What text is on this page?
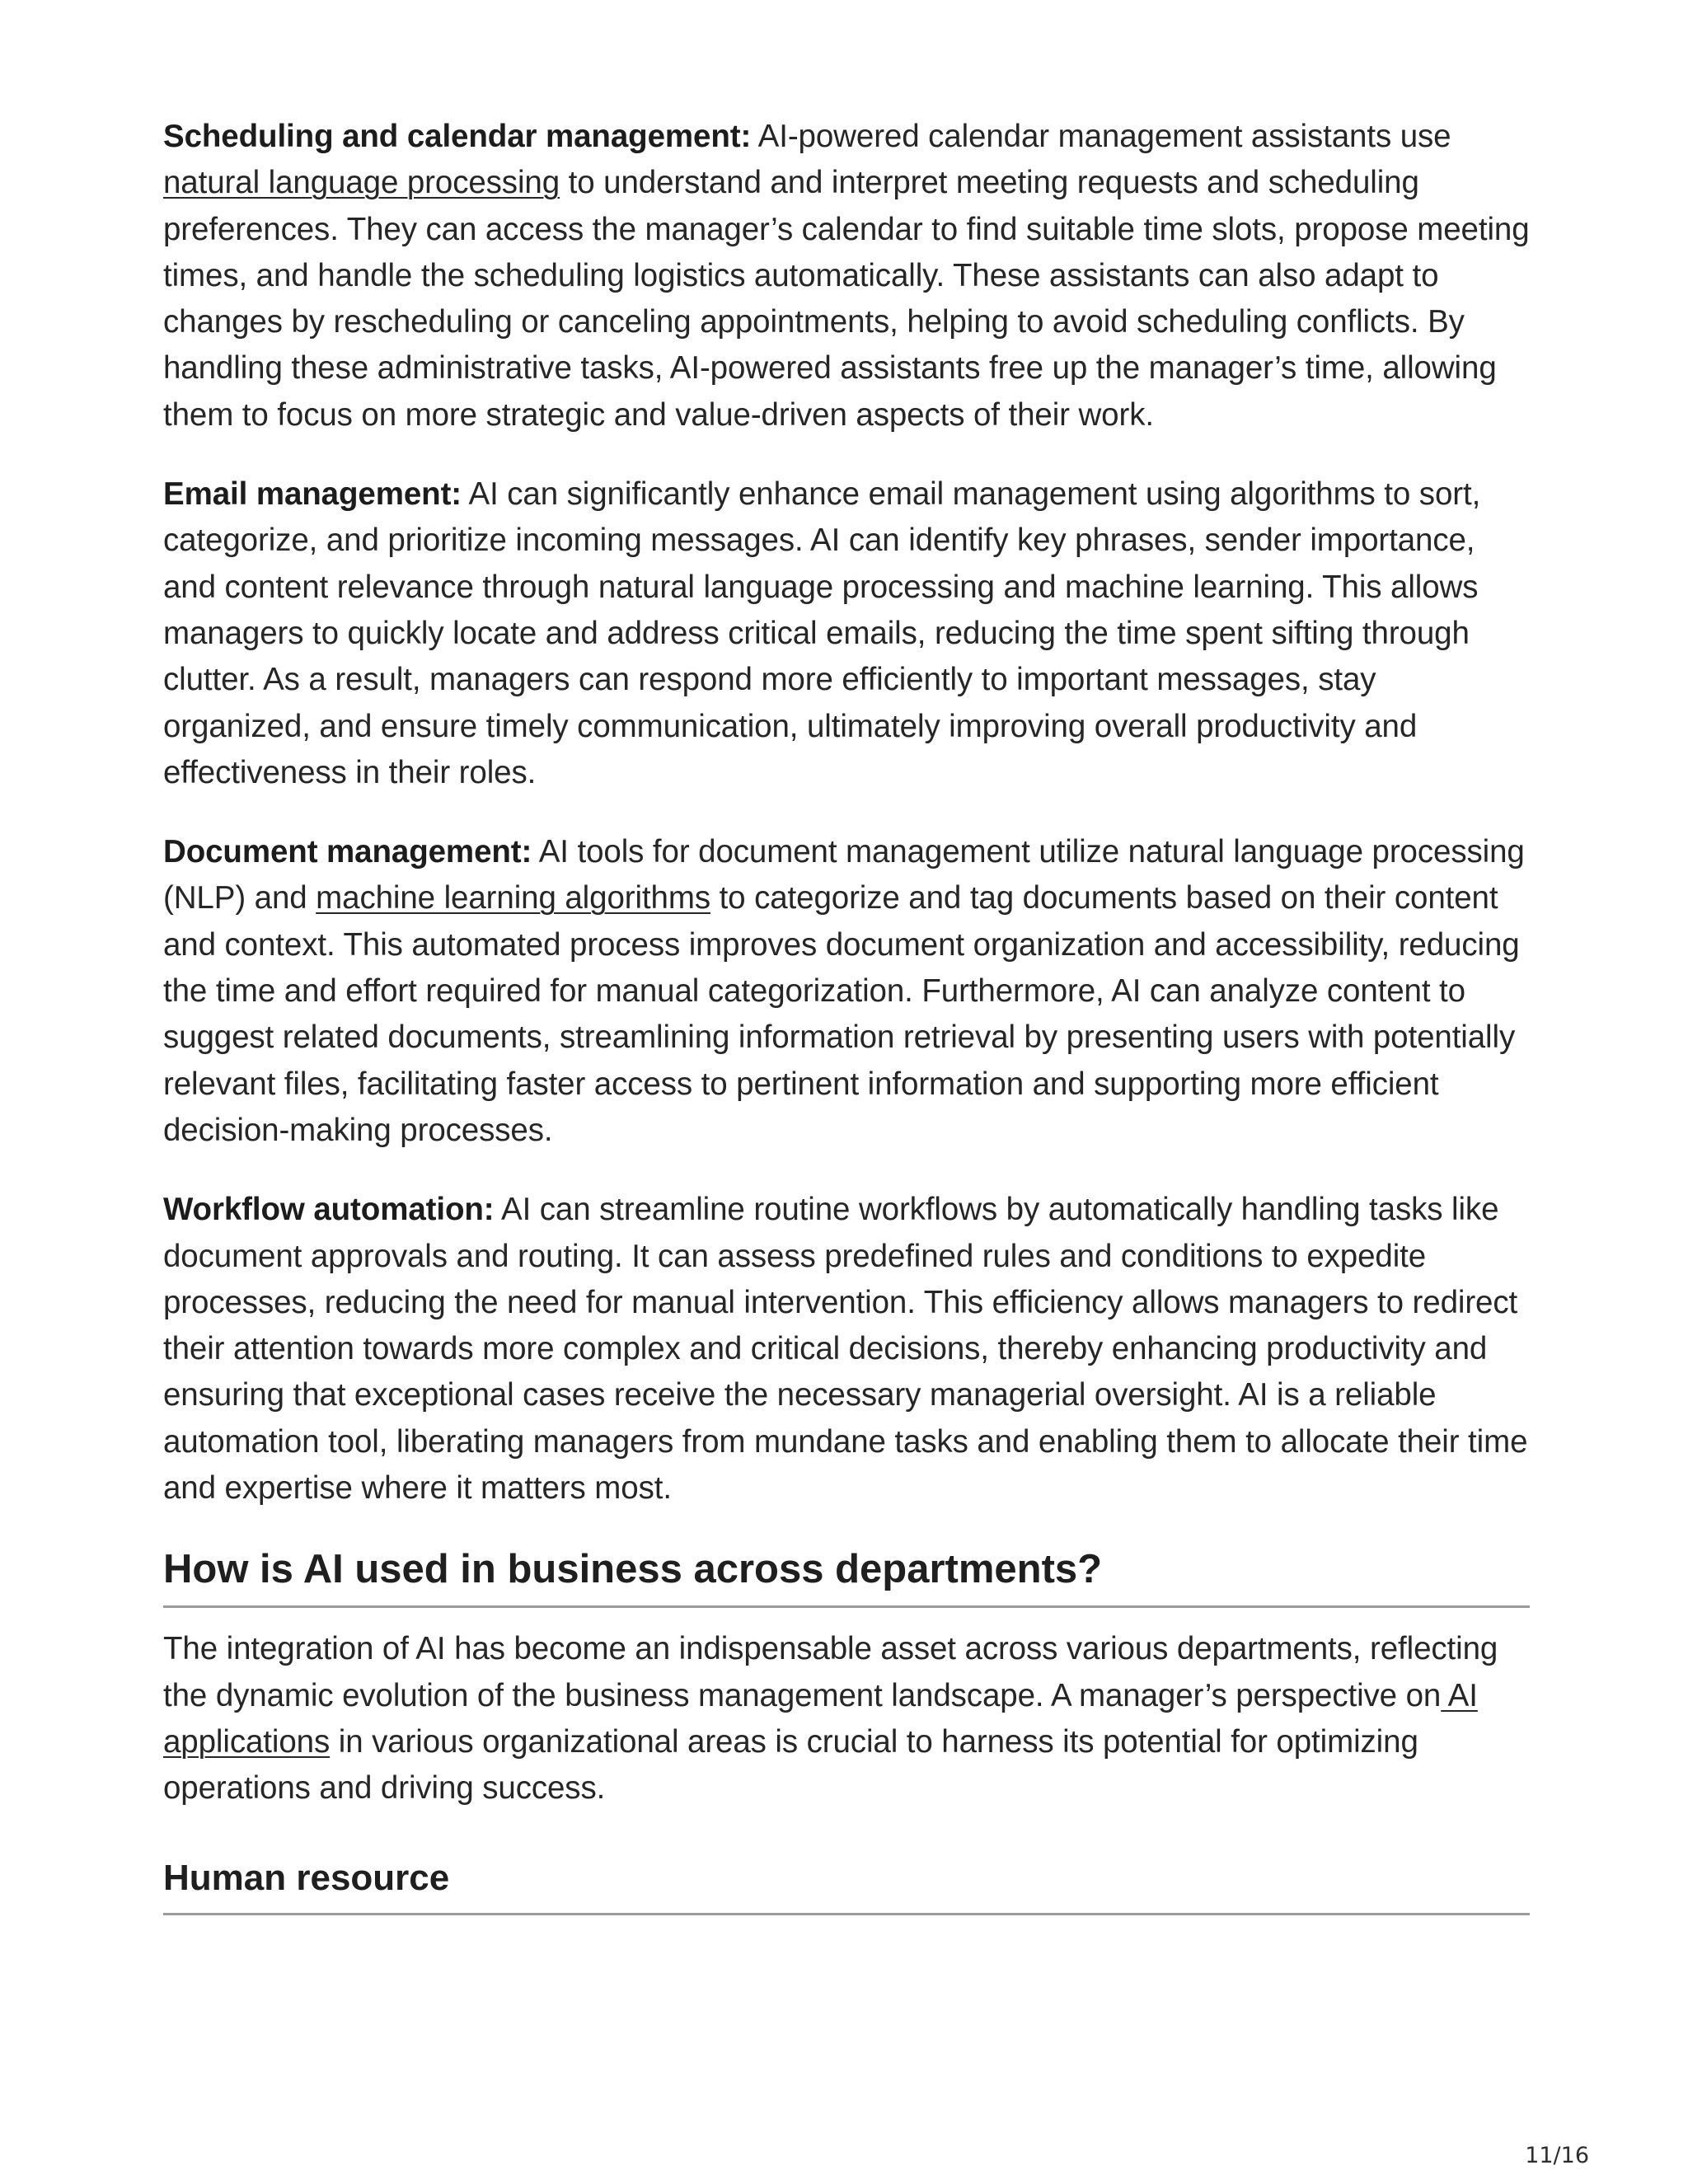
Scheduling and calendar management: AI-powered calendar management assistants use natural language processing to understand and interpret meeting requests and scheduling preferences. They can access the manager’s calendar to find suitable time slots, propose meeting times, and handle the scheduling logistics automatically. These assistants can also adapt to changes by rescheduling or canceling appointments, helping to avoid scheduling conflicts. By handling these administrative tasks, AI-powered assistants free up the manager’s time, allowing them to focus on more strategic and value-driven aspects of their work.

Email management: AI can significantly enhance email management using algorithms to sort, categorize, and prioritize incoming messages. AI can identify key phrases, sender importance, and content relevance through natural language processing and machine learning. This allows managers to quickly locate and address critical emails, reducing the time spent sifting through clutter. As a result, managers can respond more efficiently to important messages, stay organized, and ensure timely communication, ultimately improving overall productivity and effectiveness in their roles.

Document management: AI tools for document management utilize natural language processing (NLP) and machine learning algorithms to categorize and tag documents based on their content and context. This automated process improves document organization and accessibility, reducing the time and effort required for manual categorization. Furthermore, AI can analyze content to suggest related documents, streamlining information retrieval by presenting users with potentially relevant files, facilitating faster access to pertinent information and supporting more efficient decision-making processes.

Workflow automation: AI can streamline routine workflows by automatically handling tasks like document approvals and routing. It can assess predefined rules and conditions to expedite processes, reducing the need for manual intervention. This efficiency allows managers to redirect their attention towards more complex and critical decisions, thereby enhancing productivity and ensuring that exceptional cases receive the necessary managerial oversight. AI is a reliable automation tool, liberating managers from mundane tasks and enabling them to allocate their time and expertise where it matters most.

How is AI used in business across departments?

The integration of AI has become an indispensable asset across various departments, reflecting the dynamic evolution of the business management landscape. A manager’s perspective on AI applications in various organizational areas is crucial to harness its potential for optimizing operations and driving success.

Human resource
11/16
